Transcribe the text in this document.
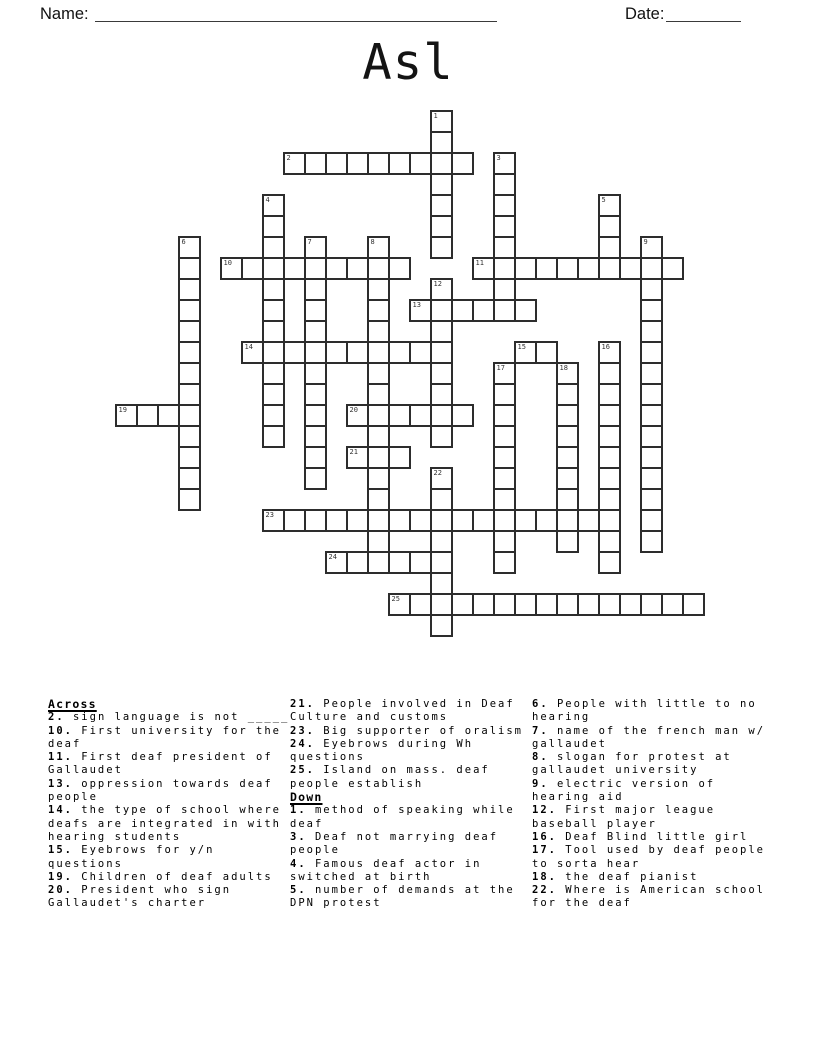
Name:	Date:
Asl
1
2	3
4	5
6	7	8	9
10	11
12
13
14	15	16
17	18
19	20
21
22
23
24
25
Across
2. sign language is not _____
10. First university for the deaf
11. First deaf president of Gallaudet
13. oppression towards deaf people
14. the type of school where deafs are integrated in with hearing students
15. Eyebrows for y/n questions
19. Children of deaf adults
20. President who sign Gallaudet's charter
21. People involved in Deaf Culture and customs
23. Big supporter of oralism
24. Eyebrows during Wh questions
25. Island on mass. deaf people establish
Down
1. method of speaking while deaf
3. Deaf not marrying deaf people
4. Famous deaf actor in switched at birth
5. number of demands at the DPN protest
6. People with little to no hearing
7. name of the french man w/ gallaudet
8. slogan for protest at gallaudet university
9. electric version of hearing aid
12. First major league baseball player
16. Deaf Blind little girl
17. Tool used by deaf people to sorta hear
18. the deaf pianist
22. Where is American school for the deaf
